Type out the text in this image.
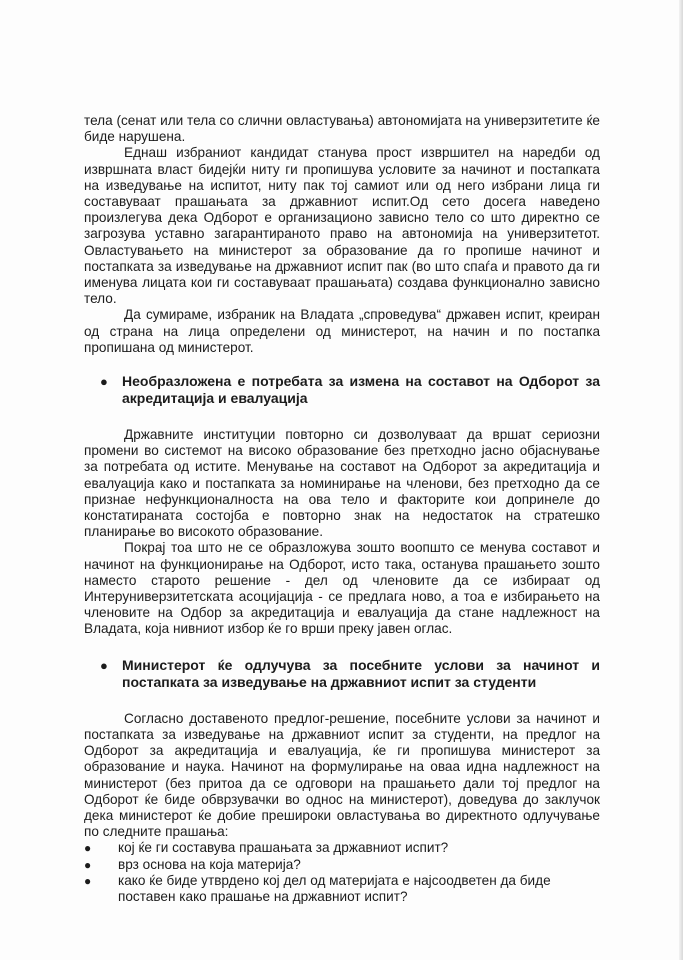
тела (сенат или тела со слични овластувања) автономијата на универзитетите ќе биде нарушена.

Еднаш избраниот кандидат станува прост извршител на наредби од извршната власт бидејќи ниту ги пропишува условите за начинот и постапката на изведување на испитот, ниту пак тој самиот или од него избрани лица ги составуваат прашањата за државниот испит.Од сето досега наведено произлегува дека Одборот е организационо зависно тело со што директно се загрозува уставно загарантираното право на автономија на универзитетот. Овластувањето на министерот за образование да го пропише начинот и постапката за изведување на државниот испит пак (во што спаѓа и правото да ги именува лицата кои ги составуваат прашањата) создава функционално зависно тело.

Да сумираме, избраник на Владата „спроведува“ државен испит, креиран од страна на лица определени од министерот, на начин и по постапка пропишана од министерот.

●	Необразложена е потребата за измена на составот на Одборот за акредитација и евалуација

Државните институции повторно си дозволуваат да вршат сериозни промени во системот на високо образование без претходно јасно објаснување за потребата од истите. Менување на составот на Одборот за акредитација и евалуација како и постапката за номинирање на членови, без претходно да се признае нефункционалноста на ова тело и факторите кои допринеле до констатираната состојба е повторно знак на недостаток на стратешко планирање во високото образование.

Покрај тоа што не се образложува зошто воопшто се менува составот и начинот на функционирање на Одборот, исто така, останува прашањето зошто наместо старото решение - дел од членовите да се избираат од Интеруниверзитетската асоцијација - се предлага ново, а тоа е избирањето на членовите на Одбор за акредитација и евалуација да стане надлежност на Владата, која нивниот избор ќе го врши преку јавен оглас.

●	Министерот ќе одлучува за посебните услови за начинот и постапката за изведување на државниот испит за студенти

Согласно доставеното предлог-решение, посебните услови за начинот и постапката за изведување на државниот испит за студенти, на предлог на Одборот за акредитација и евалуација, ќе ги пропишува министерот за образование и наука. Начинот на формулирање на оваа идна надлежност на министерот (без притоа да се одговори на прашањето дали тој предлог на Одборот ќе биде обврзувачки во однос на министерот), доведува до заклучок дека министерот ќе добие прешироки овластувања во директното одлучување по следните прашања:

●	кој ќе ги составува прашањата за државниот испит?
●	врз основа на која материја?
●	како ќе биде утврдено кој дел од материјата е најсоодветен да биде поставен како прашање на државниот испит?
